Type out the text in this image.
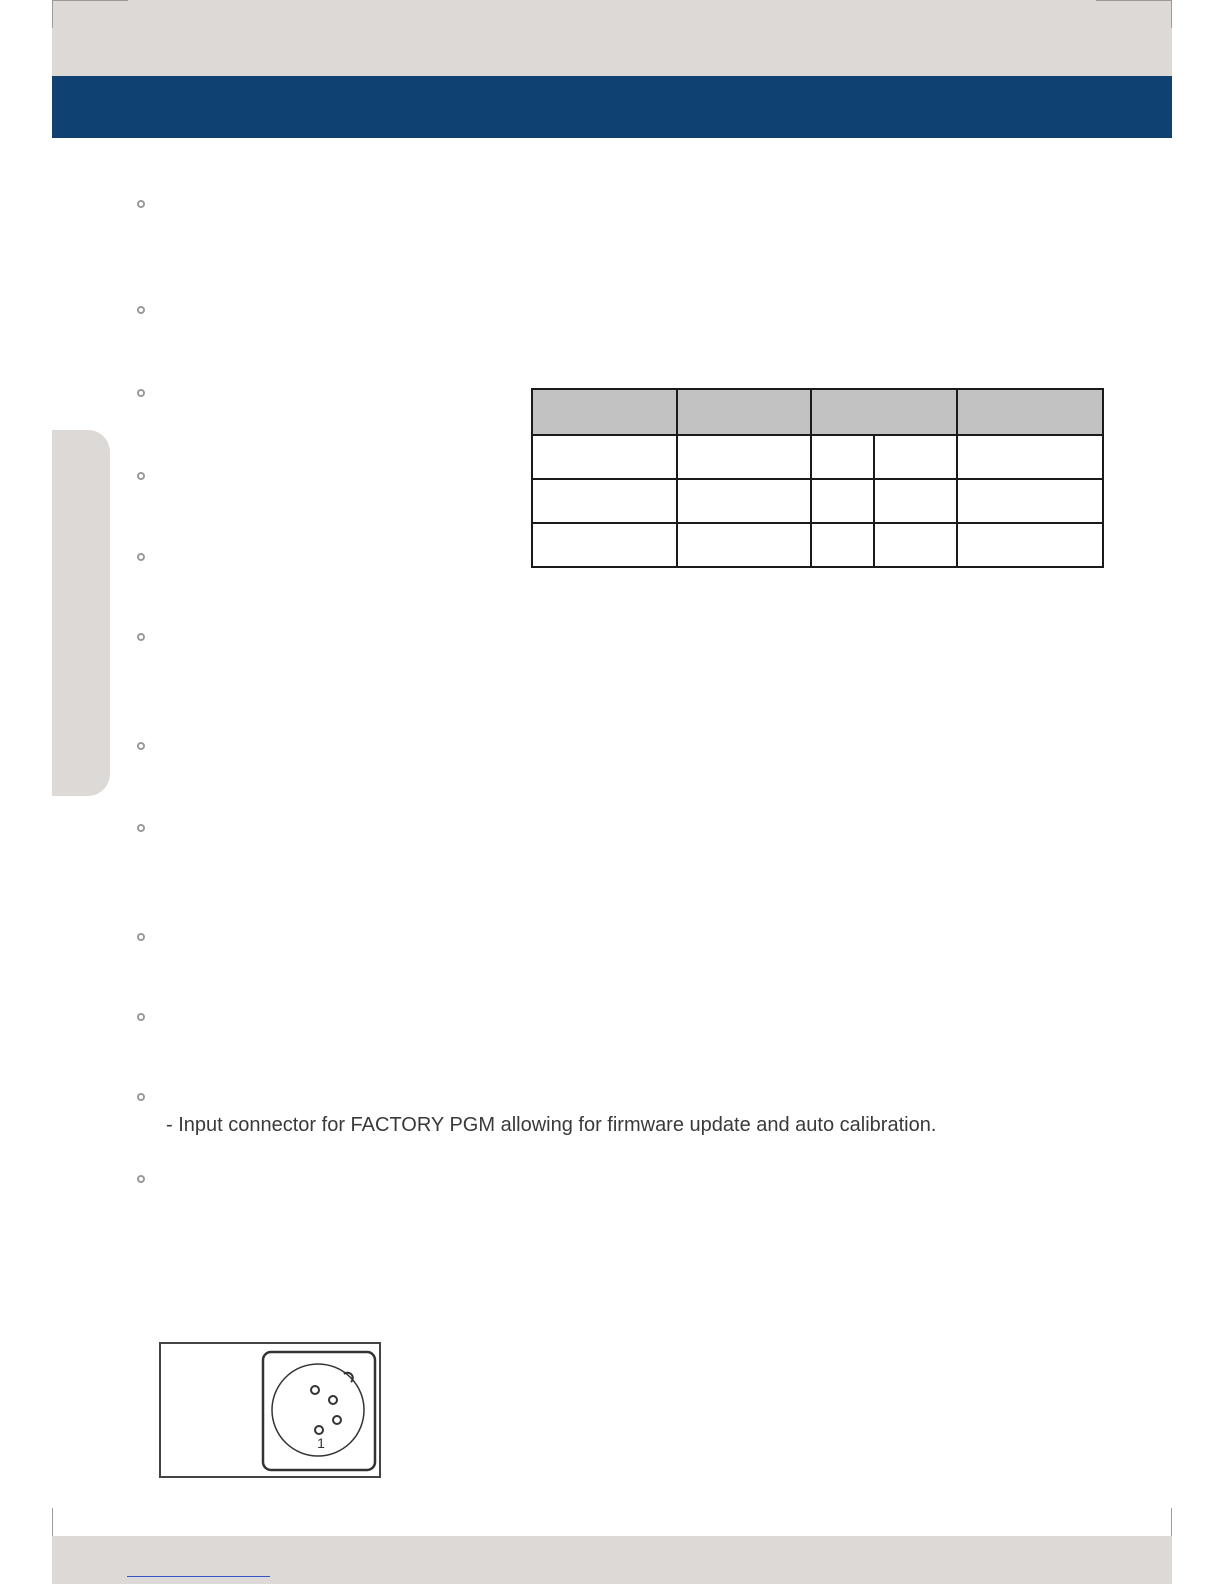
- Input connector for FACTORY PGM allowing for firmware update and auto calibration.
1
